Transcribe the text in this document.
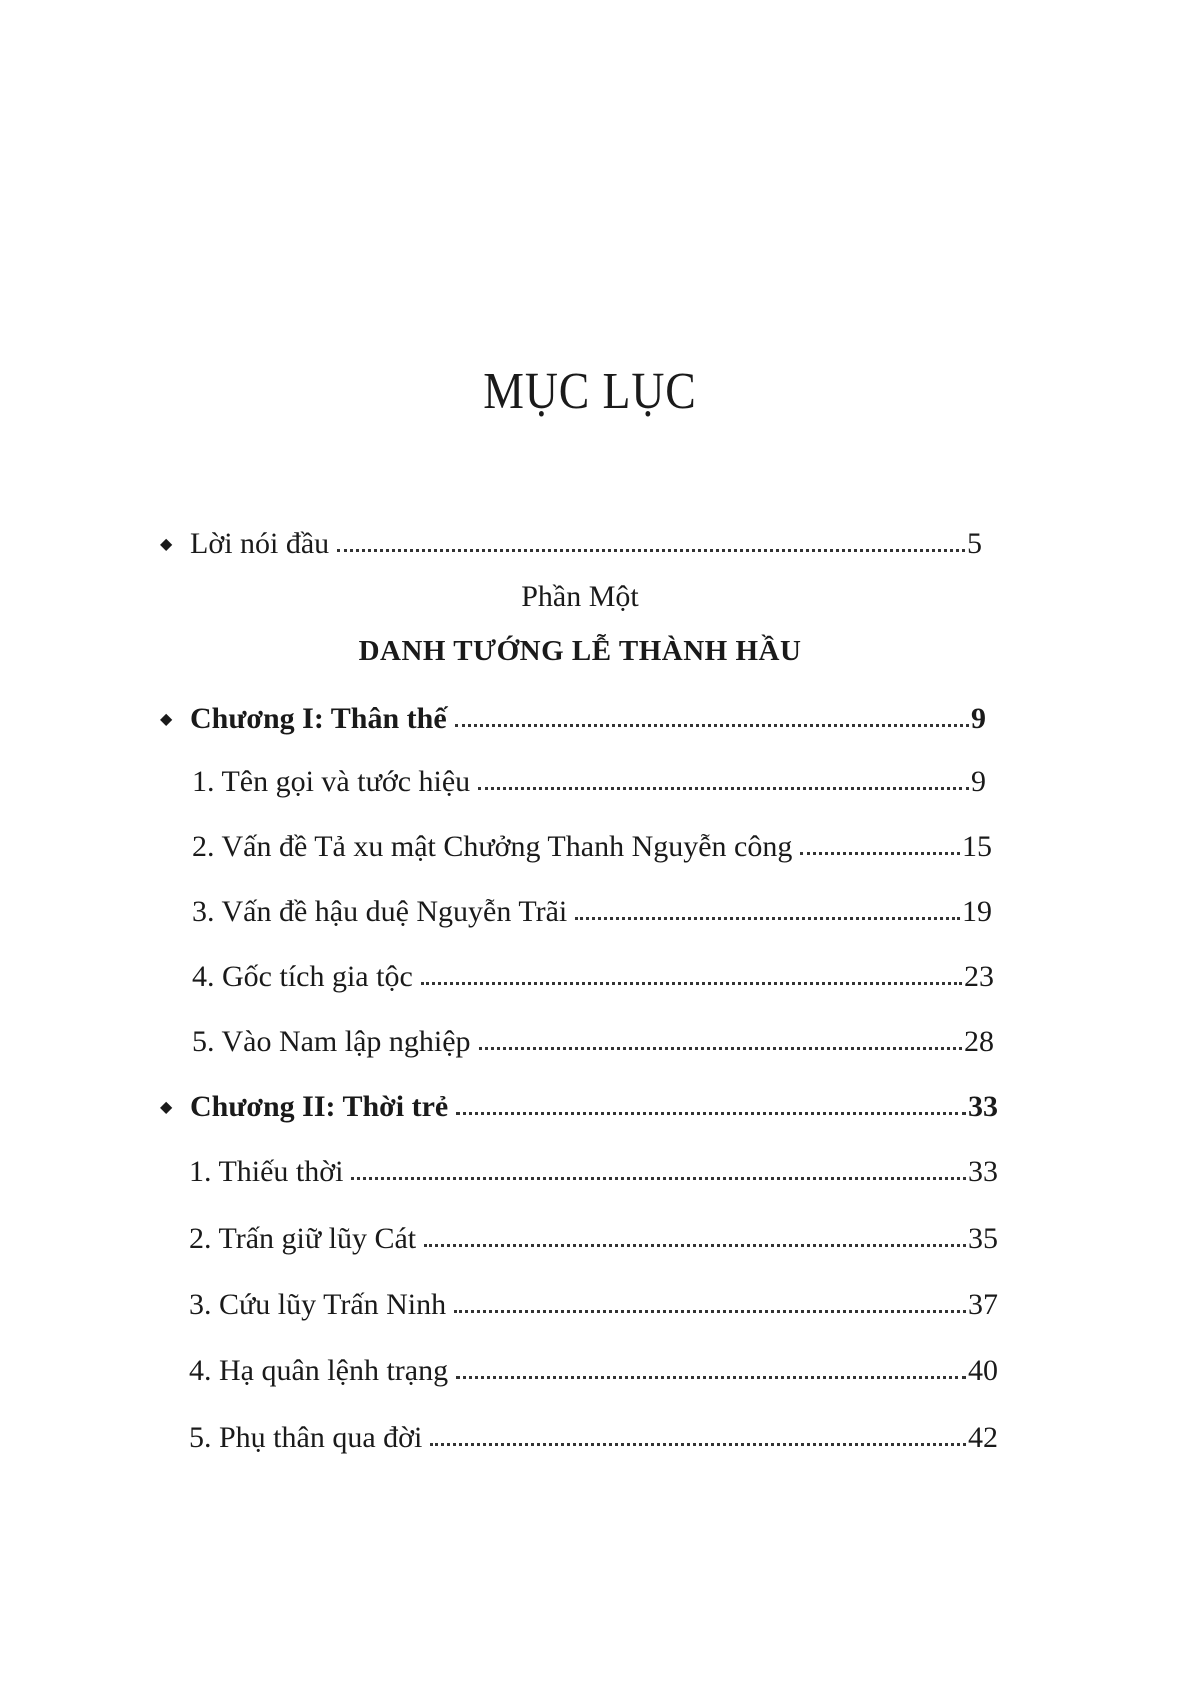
MỤC LỤC
◆ Lời nói đầu	5
Phần Một
DANH TƯỚNG LỄ THÀNH HẦU
◆ Chương I: Thân thế	9
1. Tên gọi và tước hiệu	9
2. Vấn đề Tả xu mật Chưởng Thanh Nguyễn công	15
3. Vấn đề hậu duệ Nguyễn Trãi	19
4. Gốc tích gia tộc	23
5. Vào Nam lập nghiệp	28
◆ Chương II: Thời trẻ	33
1. Thiếu thời	33
2. Trấn giữ lũy Cát	35
3. Cứu lũy Trấn Ninh	37
4. Hạ quân lệnh trạng	40
5. Phụ thân qua đời	42
